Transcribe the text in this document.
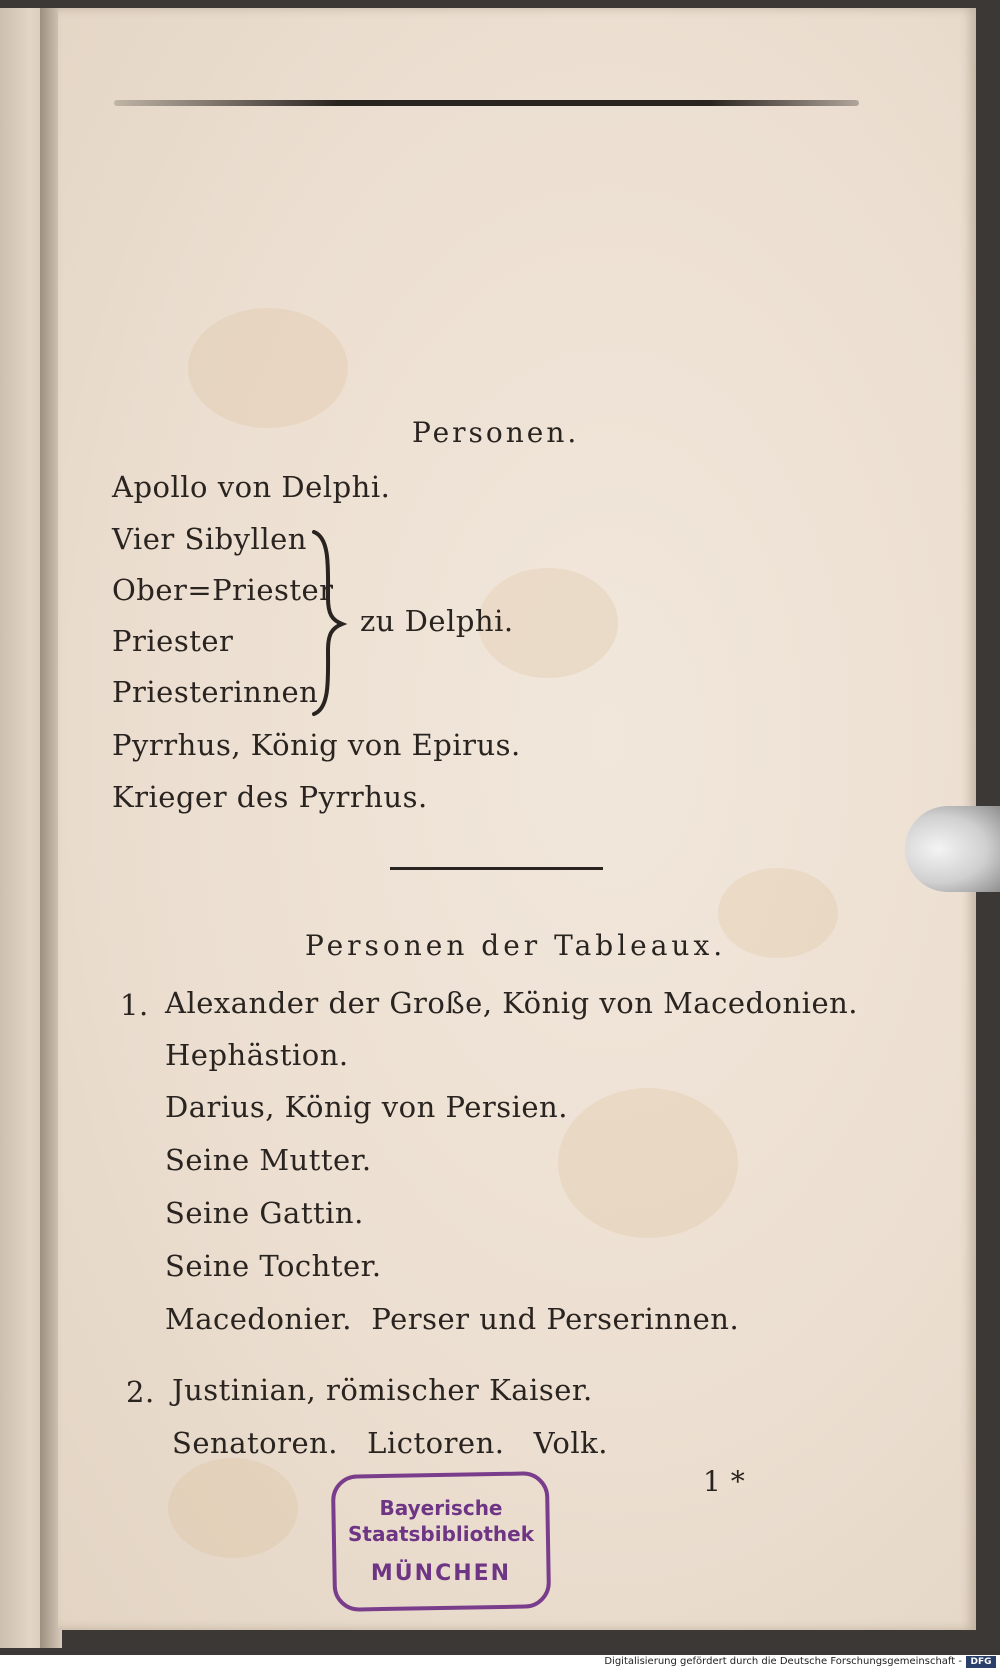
Personen.
Apollo von Delphi.
Vier Sibyllen
Ober=Priester
Priester
Priesterinnen
zu Delphi.
Pyrrhus, König von Epirus.
Krieger des Pyrrhus.
Personen der Tableaux.
1. Alexander der Große, König von Macedonien.
Hephästion.
Darius, König von Persien.
Seine Mutter.
Seine Gattin.
Seine Tochter.
Macedonier.  Perser und Perserinnen.
2. Justinian, römischer Kaiser.
Senatoren.   Lictoren.   Volk.
1 *
Bayerische
Staatsbibliothek
MÜNCHEN
Digitalisierung gefördert durch die Deutsche Forschungsgemeinschaft - DFG
